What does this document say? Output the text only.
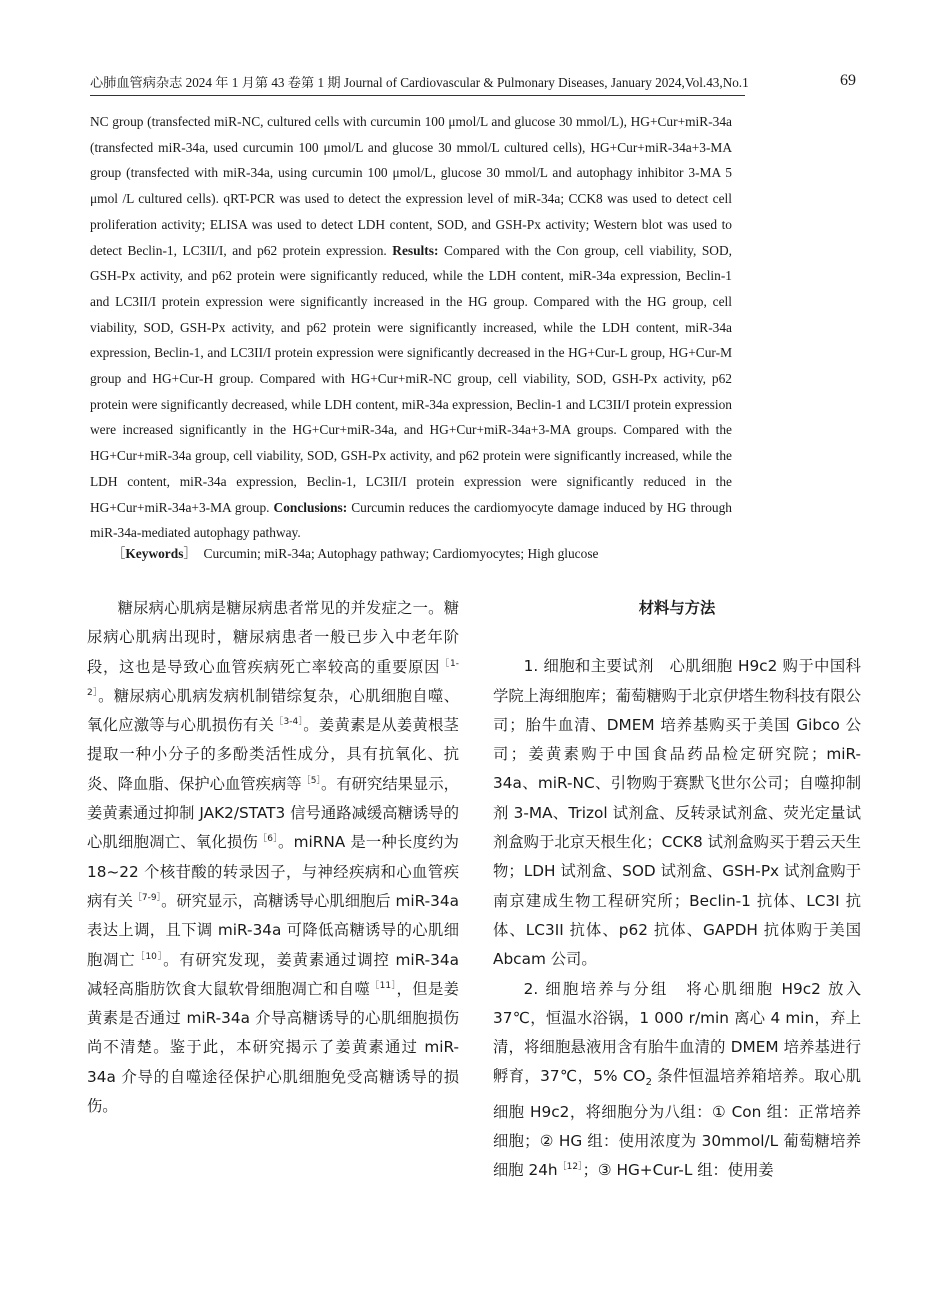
心肺血管病杂志 2024 年 1 月第 43 卷第 1 期 Journal of Cardiovascular & Pulmonary Diseases, January 2024,Vol.43,No.1	69

NC group (transfected miR-NC, cultured cells with curcumin 100 μmol/L and glucose 30 mmol/L), HG+Cur+miR-34a (transfected miR-34a, used curcumin 100 μmol/L and glucose 30 mmol/L cultured cells), HG+Cur+miR-34a+3-MA group (transfected with miR-34a, using curcumin 100 μmol/L, glucose 30 mmol/L and autophagy inhibitor 3-MA 5 μmol /L cultured cells). qRT-PCR was used to detect the expression level of miR-34a; CCK8 was used to detect cell proliferation activity; ELISA was used to detect LDH content, SOD, and GSH-Px activity; Western blot was used to detect Beclin-1, LC3II/I, and p62 protein expression. Results: Compared with the Con group, cell viability, SOD, GSH-Px activity, and p62 protein were significantly reduced, while the LDH content, miR-34a expression, Beclin-1 and LC3II/I protein expression were significantly increased in the HG group. Compared with the HG group, cell viability, SOD, GSH-Px activity, and p62 protein were significantly increased, while the LDH content, miR-34a expression, Beclin-1, and LC3II/I protein expression were significantly decreased in the HG+Cur-L group, HG+Cur-M group and HG+Cur-H group. Compared with HG+Cur+miR-NC group, cell viability, SOD, GSH-Px activity, p62 protein were significantly decreased, while LDH content, miR-34a expression, Beclin-1 and LC3II/I protein expression were increased significantly in the HG+Cur+miR-34a, and HG+Cur+miR-34a+3-MA groups. Compared with the HG+Cur+miR-34a group, cell viability, SOD, GSH-Px activity, and p62 protein were significantly increased, while the LDH content, miR-34a expression, Beclin-1, LC3II/I protein expression were significantly reduced in the HG+Cur+miR-34a+3-MA group. Conclusions: Curcumin reduces the cardiomyocyte damage induced by HG through miR-34a-mediated autophagy pathway.

［Keywords］ Curcumin; miR-34a; Autophagy pathway; Cardiomyocytes; High glucose

糖尿病心肌病是糖尿病患者常见的并发症之一。糖尿病心肌病出现时，糖尿病患者一般已步入中老年阶段，这也是导致心血管疾病死亡率较高的重要原因$^{[1-2]}$。糖尿病心肌病发病机制错综复杂，心肌细胞自噬、氧化应激等与心肌损伤有关$^{[3-4]}$。姜黄素是从姜黄根茎提取一种小分子的多酚类活性成分，具有抗氧化、抗炎、降血脂、保护心血管疾病等$^{[5]}$。有研究结果显示，姜黄素通过抑制 JAK2/STAT3 信号通路减缓高糖诱导的心肌细胞凋亡、氧化损伤$^{[6]}$。miRNA 是一种长度约为 18~22 个核苷酸的转录因子，与神经疾病和心血管疾病有关$^{[7-9]}$。研究显示，高糖诱导心肌细胞后 miR-34a 表达上调，且下调 miR-34a 可降低高糖诱导的心肌细胞凋亡$^{[10]}$。有研究发现，姜黄素通过调控 miR-34a 减轻高脂肪饮食大鼠软骨细胞凋亡和自噬$^{[11]}$，但是姜黄素是否通过 miR-34a 介导高糖诱导的心肌细胞损伤尚不清楚。鉴于此，本研究揭示了姜黄素通过 miR-34a 介导的自噬途径保护心肌细胞免受高糖诱导的损伤。

材料与方法

1. 细胞和主要试剂  心肌细胞 H9c2 购于中国科学院上海细胞库；葡萄糖购于北京伊塔生物科技有限公司；胎牛血清、DMEM 培养基购买于美国 Gibco 公司；姜黄素购于中国食品药品检定研究院；miR-34a、miR-NC、引物购于赛默飞世尔公司；自噬抑制剂 3-MA、Trizol 试剂盒、反转录试剂盒、荧光定量试剂盒购于北京天根生化；CCK8 试剂盒购买于碧云天生物；LDH 试剂盒、SOD 试剂盒、GSH-Px 试剂盒购于南京建成生物工程研究所；Beclin-1 抗体、LC3I 抗体、LC3II 抗体、p62 抗体、GAPDH 抗体购于美国 Abcam 公司。

2. 细胞培养与分组  将心肌细胞 H9c2 放入 37℃，恒温水浴锅，1 000 r/min 离心 4 min，弃上清，将细胞悬液用含有胎牛血清的 DMEM 培养基进行孵育，37℃，5% $CO_2$ 条件恒温培养箱培养。取心肌细胞 H9c2，将细胞分为八组：① Con 组：正常培养细胞；② HG 组：使用浓度为 30mmol/L 葡萄糖培养细胞 24h$^{[12]}$；③ HG+Cur-L 组：使用姜
